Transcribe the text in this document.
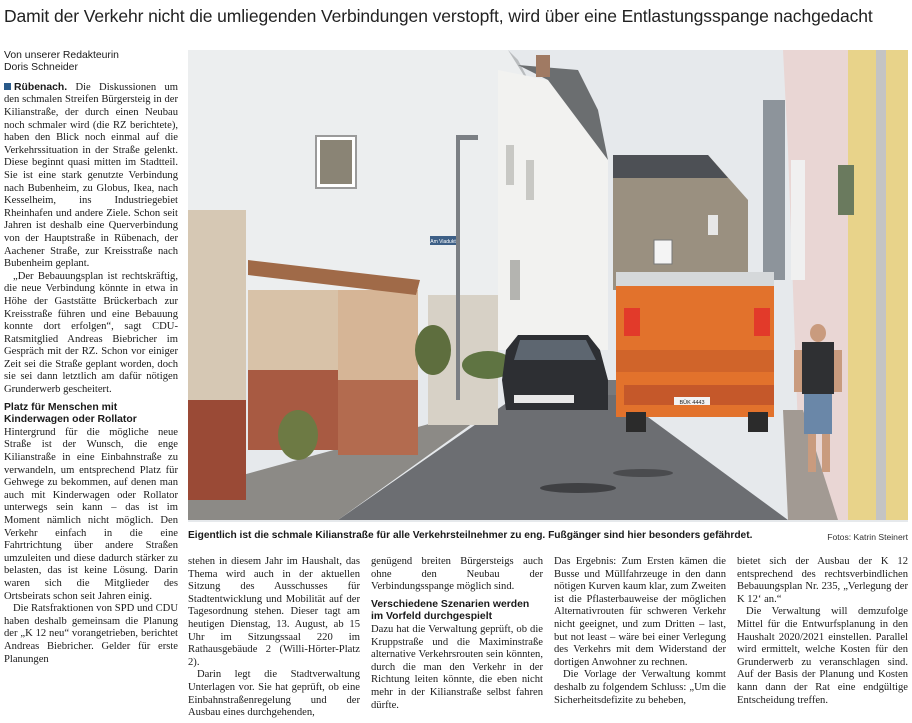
Damit der Verkehr nicht die umliegenden Verbindungen verstopft, wird über eine Entlastungsspange nachgedacht
Von unserer Redakteurin
Doris Schneider

Rübenach. Die Diskussionen um den schmalen Streifen Bürgersteig in der Kilianstraße, der durch einen Neubau noch schmaler wird (die RZ berichtete), haben den Blick noch einmal auf die Verkehrssituation in der Straße gelenkt. Diese beginnt quasi mitten im Stadtteil. Sie ist eine stark genutzte Verbindung nach Bubenheim, zu Globus, Ikea, nach Kesselheim, ins Industriegebiet Rheinhafen und andere Ziele. Schon seit Jahren ist deshalb eine Querverbindung von der Hauptstraße in Rübenach, der Aachener Straße, zur Kreisstraße nach Bubenheim geplant.

„Der Bebauungsplan ist rechtskräftig, die neue Verbindung könnte in etwa in Höhe der Gaststätte Brückerbach zur Kreisstraße führen und eine Bebauung konnte dort erfolgen“, sagt CDU-Ratsmitglied Andreas Biebricher im Gespräch mit der RZ. Schon vor einiger Zeit sei die Straße geplant worden, doch sie sei dann letztlich am dafür nötigen Grunderwerb gescheitert.

Platz für Menschen mit Kinderwagen oder Rollator

Hintergrund für die mögliche neue Straße ist der Wunsch, die enge Kilianstraße in eine Einbahnstraße zu verwandeln, um entsprechend Platz für Gehwege zu bekommen, auf denen man auch mit Kinderwagen oder Rollator unterwegs sein kann – das ist im Moment nämlich nicht möglich. Den Verkehr einfach in die eine Fahrtrichtung über andere Straßen umzuleiten und diese dadurch stärker zu belasten, das ist keine Lösung. Darin waren sich die Mitglieder des Ortsbeirats schon seit Jahren einig.

Die Ratsfraktionen von SPD und CDU haben deshalb gemeinsam die Planung der „K 12 neu“ vorangetrieben, berichtet Andreas Biebricher. Gelder für erste Planungen

Am Viadukt
BÜK 4443
Eigentlich ist die schmale Kilianstraße für alle Verkehrsteilnehmer zu eng. Fußgänger sind hier besonders gefährdet.	Fotos: Katrin Steinert

stehen in diesem Jahr im Haushalt, das Thema wird auch in der aktuellen Sitzung des Ausschusses für Stadtentwicklung und Mobilität auf der Tagesordnung stehen. Dieser tagt am heutigen Dienstag, 13. August, ab 15 Uhr im Sitzungssaal 220 im Rathausgebäude 2 (Willi-Hörter-Platz 2).

Darin legt die Stadtverwaltung Unterlagen vor. Sie hat geprüft, ob eine Einbahnstraßenregelung und der Ausbau eines durchgehenden,

genügend breiten Bürgersteigs auch ohne den Neubau der Verbindungsspange möglich sind.

Verschiedene Szenarien werden im Vorfeld durchgespielt

Dazu hat die Verwaltung geprüft, ob die Kruppstraße und die Maximinstraße alternative Verkehrsrouten sein könnten, durch die man den Verkehr in der Richtung leiten könnte, die eben nicht mehr in der Kilianstraße selbst fahren dürfte.

Das Ergebnis: Zum Ersten kämen die Busse und Müllfahrzeuge in den dann nötigen Kurven kaum klar, zum Zweiten ist die Pflasterbauweise der möglichen Alternativrouten für schweren Verkehr nicht geeignet, und zum Dritten – last, but not least – wäre bei einer Verlegung des Verkehrs mit dem Widerstand der dortigen Anwohner zu rechnen.

Die Vorlage der Verwaltung kommt deshalb zu folgendem Schluss: „Um die Sicherheitsdefizite zu beheben,

bietet sich der Ausbau der K 12 entsprechend des rechtsverbindlichen Bebauungsplan Nr. 235, „Verlegung der K 12‘ an.“

Die Verwaltung will demzufolge Mittel für die Entwurfsplanung in den Haushalt 2020/2021 einstellen. Parallel wird ermittelt, welche Kosten für den Grunderwerb zu veranschlagen sind. Auf der Basis der Planung und Kosten kann dann der Rat eine endgültige Entscheidung treffen.
